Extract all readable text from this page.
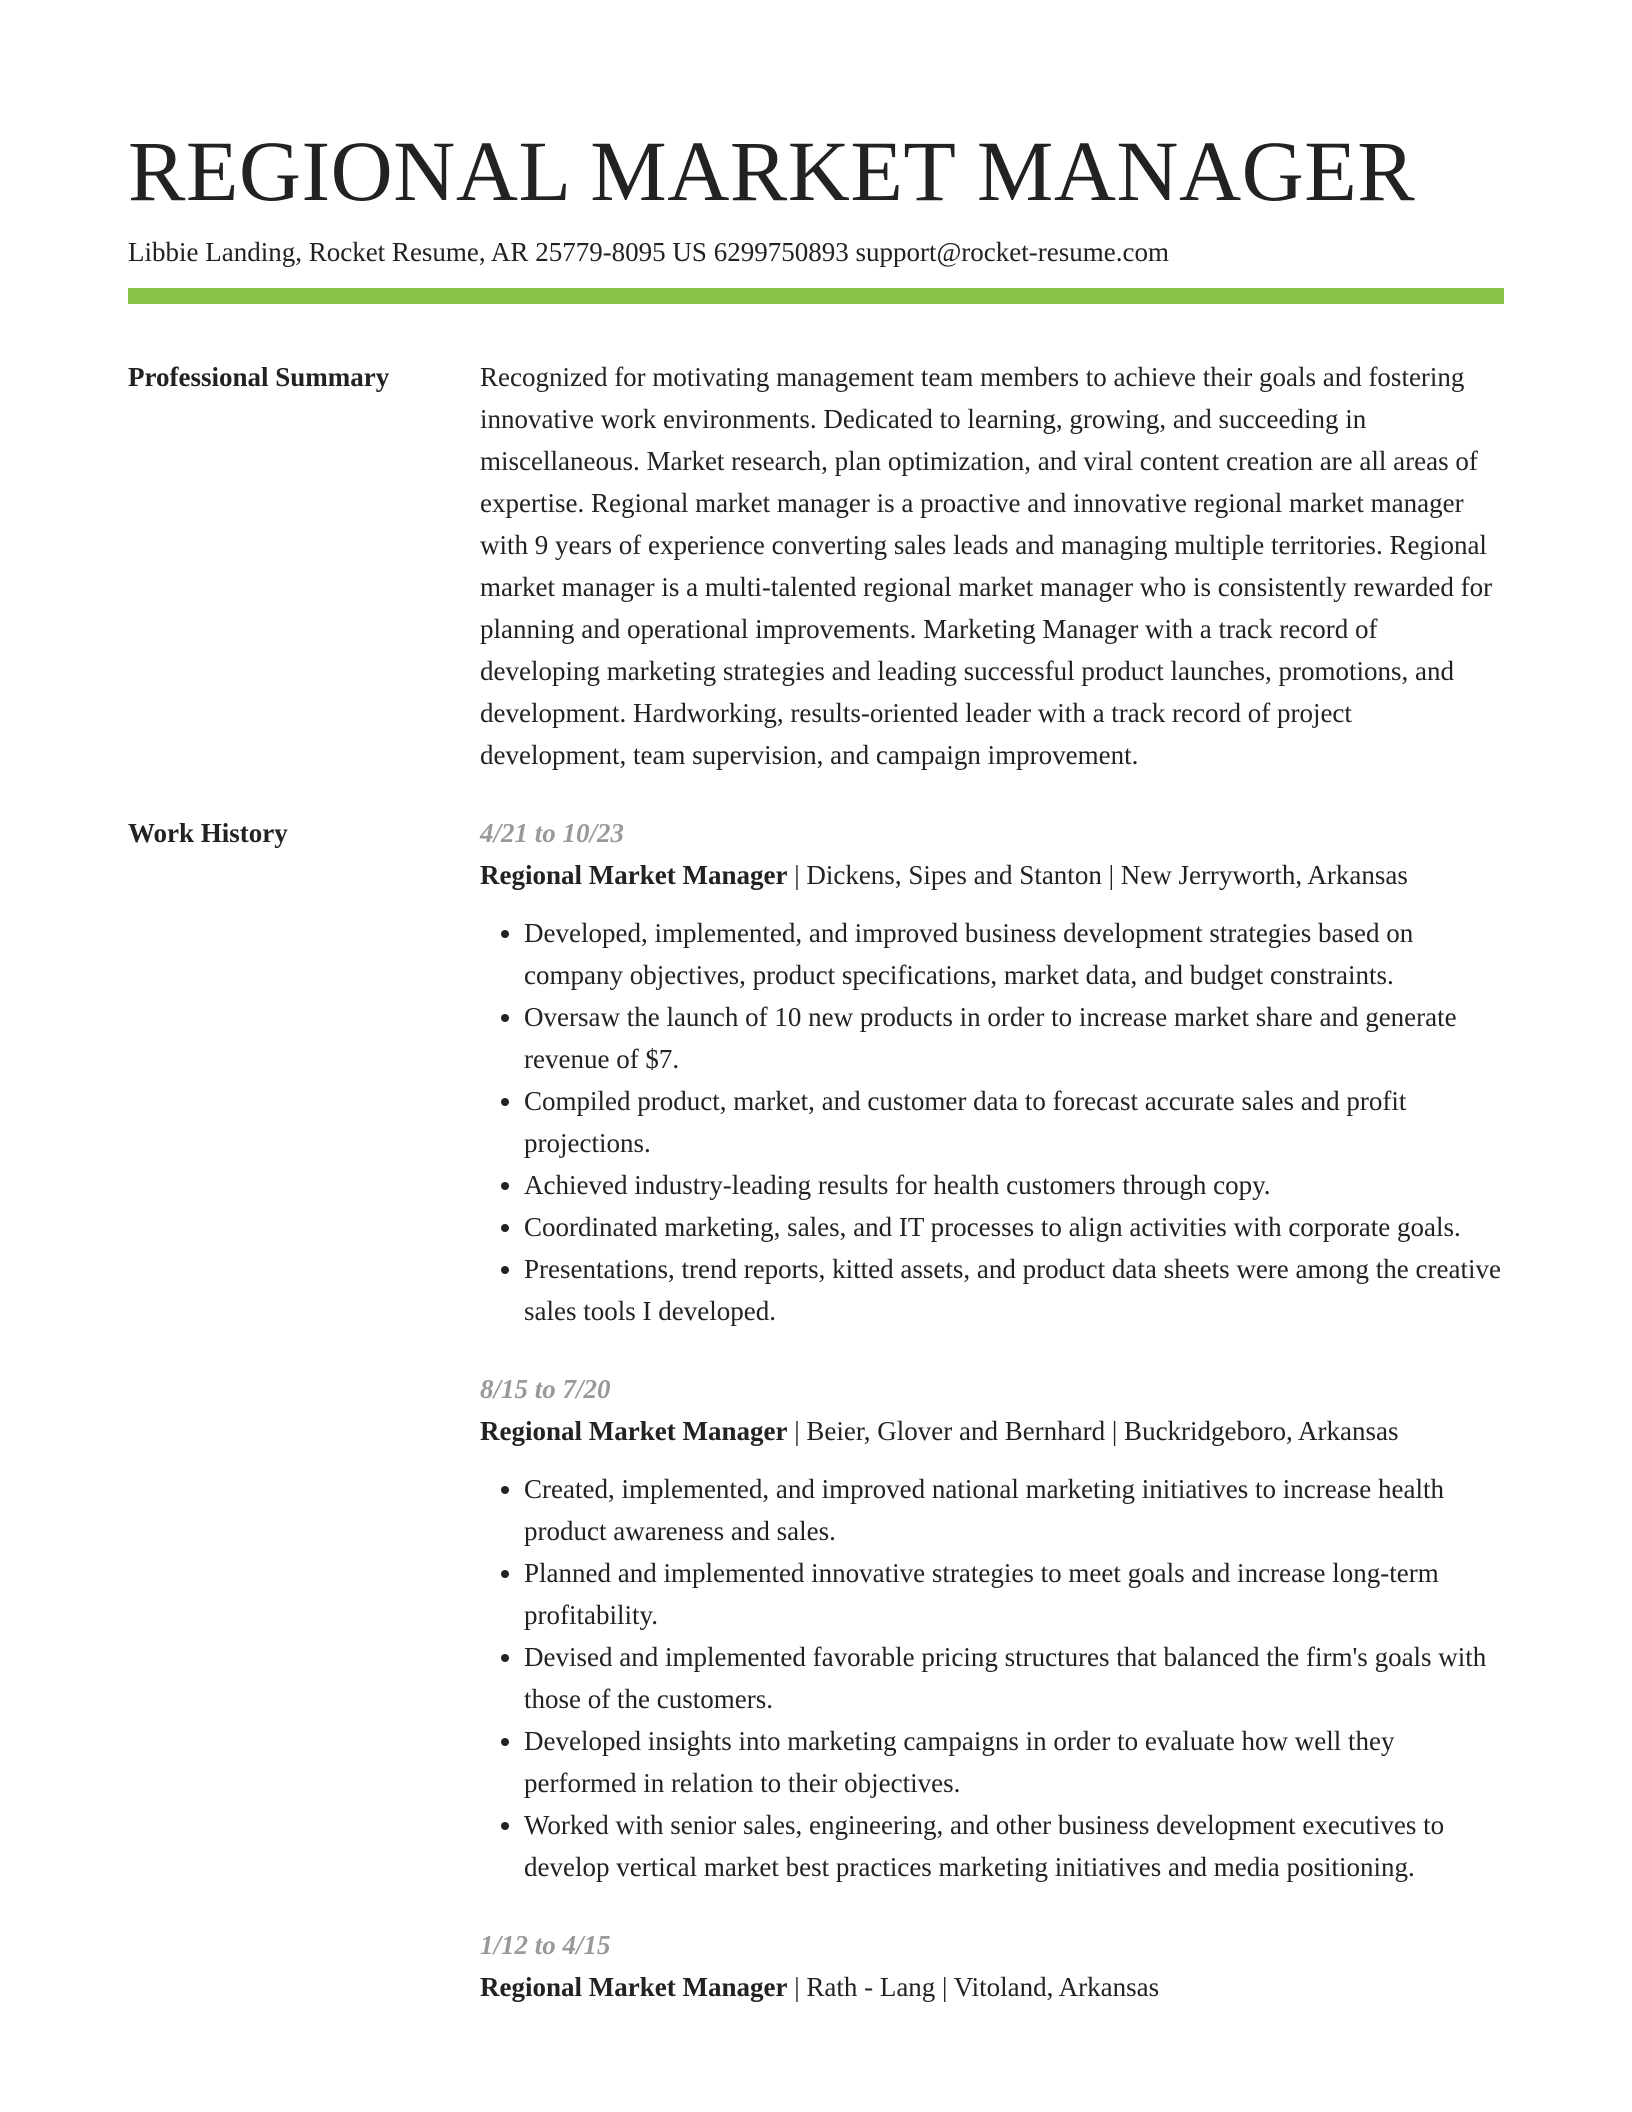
REGIONAL MARKET MANAGER
Libbie Landing, Rocket Resume, AR 25779-8095 US 6299750893 support@rocket-resume.com
Professional Summary	Recognized for motivating management team members to achieve their goals and fostering innovative work environments. Dedicated to learning, growing, and succeeding in miscellaneous. Market research, plan optimization, and viral content creation are all areas of expertise. Regional market manager is a proactive and innovative regional market manager with 9 years of experience converting sales leads and managing multiple territories. Regional market manager is a multi-talented regional market manager who is consistently rewarded for planning and operational improvements. Marketing Manager with a track record of developing marketing strategies and leading successful product launches, promotions, and development. Hardworking, results-oriented leader with a track record of project development, team supervision, and campaign improvement.

Work History	4/21 to 10/23
Regional Market Manager | Dickens, Sipes and Stanton | New Jerryworth, Arkansas
• Developed, implemented, and improved business development strategies based on company objectives, product specifications, market data, and budget constraints.
• Oversaw the launch of 10 new products in order to increase market share and generate revenue of $7.
• Compiled product, market, and customer data to forecast accurate sales and profit projections.
• Achieved industry-leading results for health customers through copy.
• Coordinated marketing, sales, and IT processes to align activities with corporate goals.
• Presentations, trend reports, kitted assets, and product data sheets were among the creative sales tools I developed.
8/15 to 7/20
Regional Market Manager | Beier, Glover and Bernhard | Buckridgeboro, Arkansas
• Created, implemented, and improved national marketing initiatives to increase health product awareness and sales.
• Planned and implemented innovative strategies to meet goals and increase long-term profitability.
• Devised and implemented favorable pricing structures that balanced the firm's goals with those of the customers.
• Developed insights into marketing campaigns in order to evaluate how well they performed in relation to their objectives.
• Worked with senior sales, engineering, and other business development executives to develop vertical market best practices marketing initiatives and media positioning.
1/12 to 4/15
Regional Market Manager | Rath - Lang | Vitoland, Arkansas
